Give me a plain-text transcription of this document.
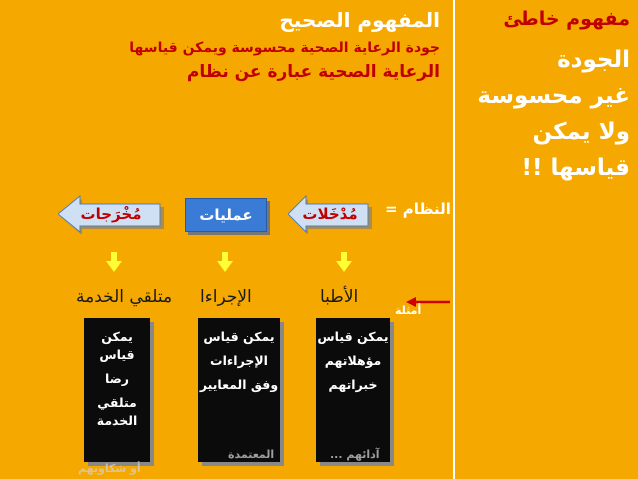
مفهوم خاطئ
الجودة
غير محسوسة
ولا يمكن
قياسها !!
المفهوم الصحيح
جودة الرعاية الصحية محسوسة ويمكن قياسها
الرعاية الصحية عبارة عن نظام
النظام =
مُدْخَلات
عمليات
مُخْرَجات
أمثلة
الأطبا
الإجراءا
متلقي الخدمة
يمكن قياس
مؤهلاتهم
خبراتهم
آدائهم ...
يمكن قياس
الإجراءات
وفق المعايير
المعتمدة
يمكن قياس
رضا
متلقي الخدمة
أو شكاويهم
